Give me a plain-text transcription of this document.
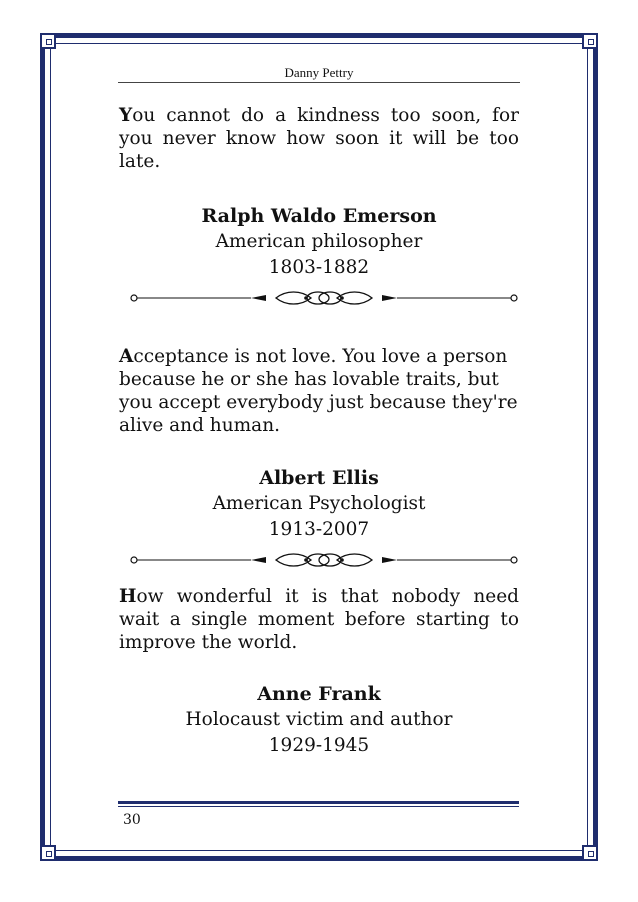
Danny Pettry
You cannot do a kindness too soon, for you never know how soon it will be too late.
Ralph Waldo Emerson
American philosopher
1803-1882
Acceptance is not love. You love a person because he or she has lovable traits, but you accept everybody just because they're alive and human.
Albert Ellis
American Psychologist
1913-2007
How wonderful it is that nobody need wait a single moment before starting to improve the world.
Anne Frank
Holocaust victim and author
1929-1945
30
